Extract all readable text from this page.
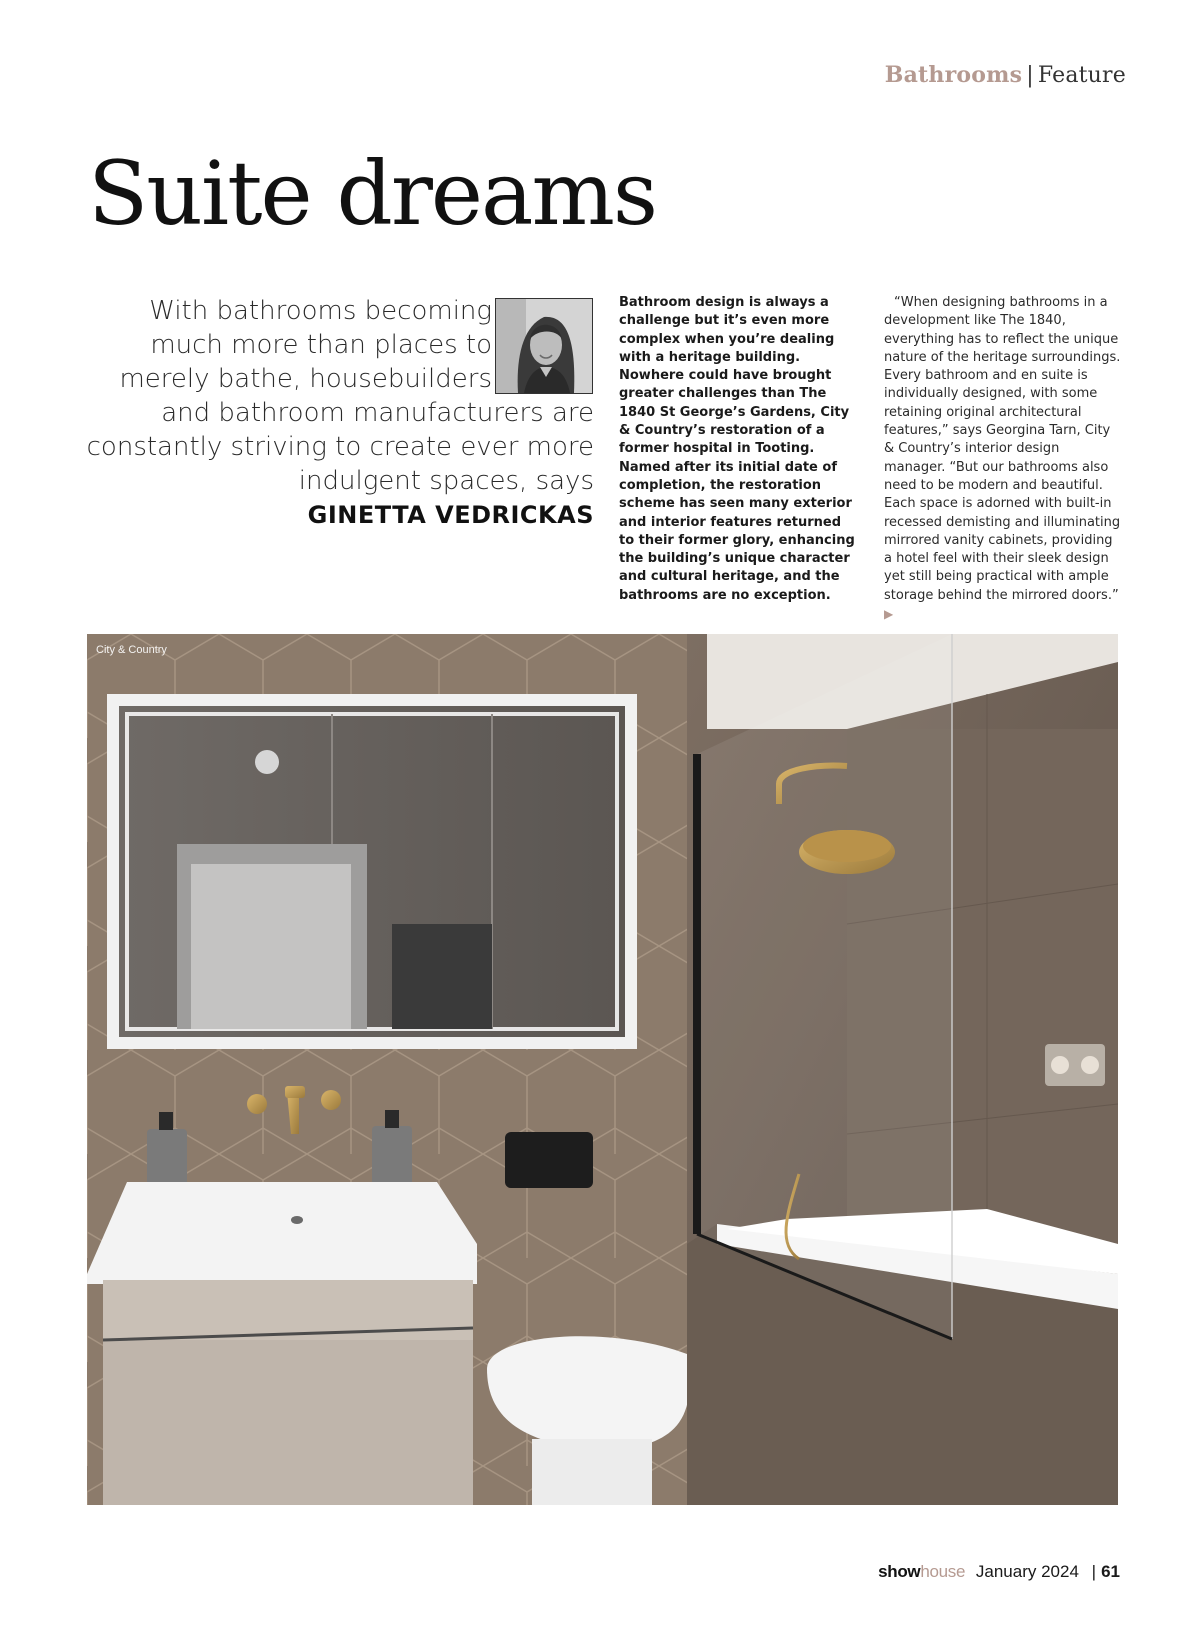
Bathrooms | Feature
Suite dreams
With bathrooms becoming much more than places to merely bathe, housebuilders and bathroom manufacturers are constantly striving to create ever more indulgent spaces, says
GINETTA VEDRICKAS
Bathroom design is always a challenge but it’s even more complex when you’re dealing with a heritage building. Nowhere could have brought greater challenges than The 1840 St George’s Gardens, City & Country’s restoration of a former hospital in Tooting. Named after its initial date of completion, the restoration scheme has seen many exterior and interior features returned to their former glory, enhancing the building’s unique character and cultural heritage, and the bathrooms are no exception.
“When designing bathrooms in a development like The 1840, everything has to reflect the unique nature of the heritage surroundings. Every bathroom and en suite is individually designed, with some retaining original architectural features,” says Georgina Tarn, City & Country’s interior design manager. “But our bathrooms also need to be modern and beautiful. Each space is adorned with built-in recessed demisting and illuminating mirrored vanity cabinets, providing a hotel feel with their sleek design yet still being practical with ample storage behind the mirrored doors.” ▶
City & Country
showhouse January 2024 | 61
